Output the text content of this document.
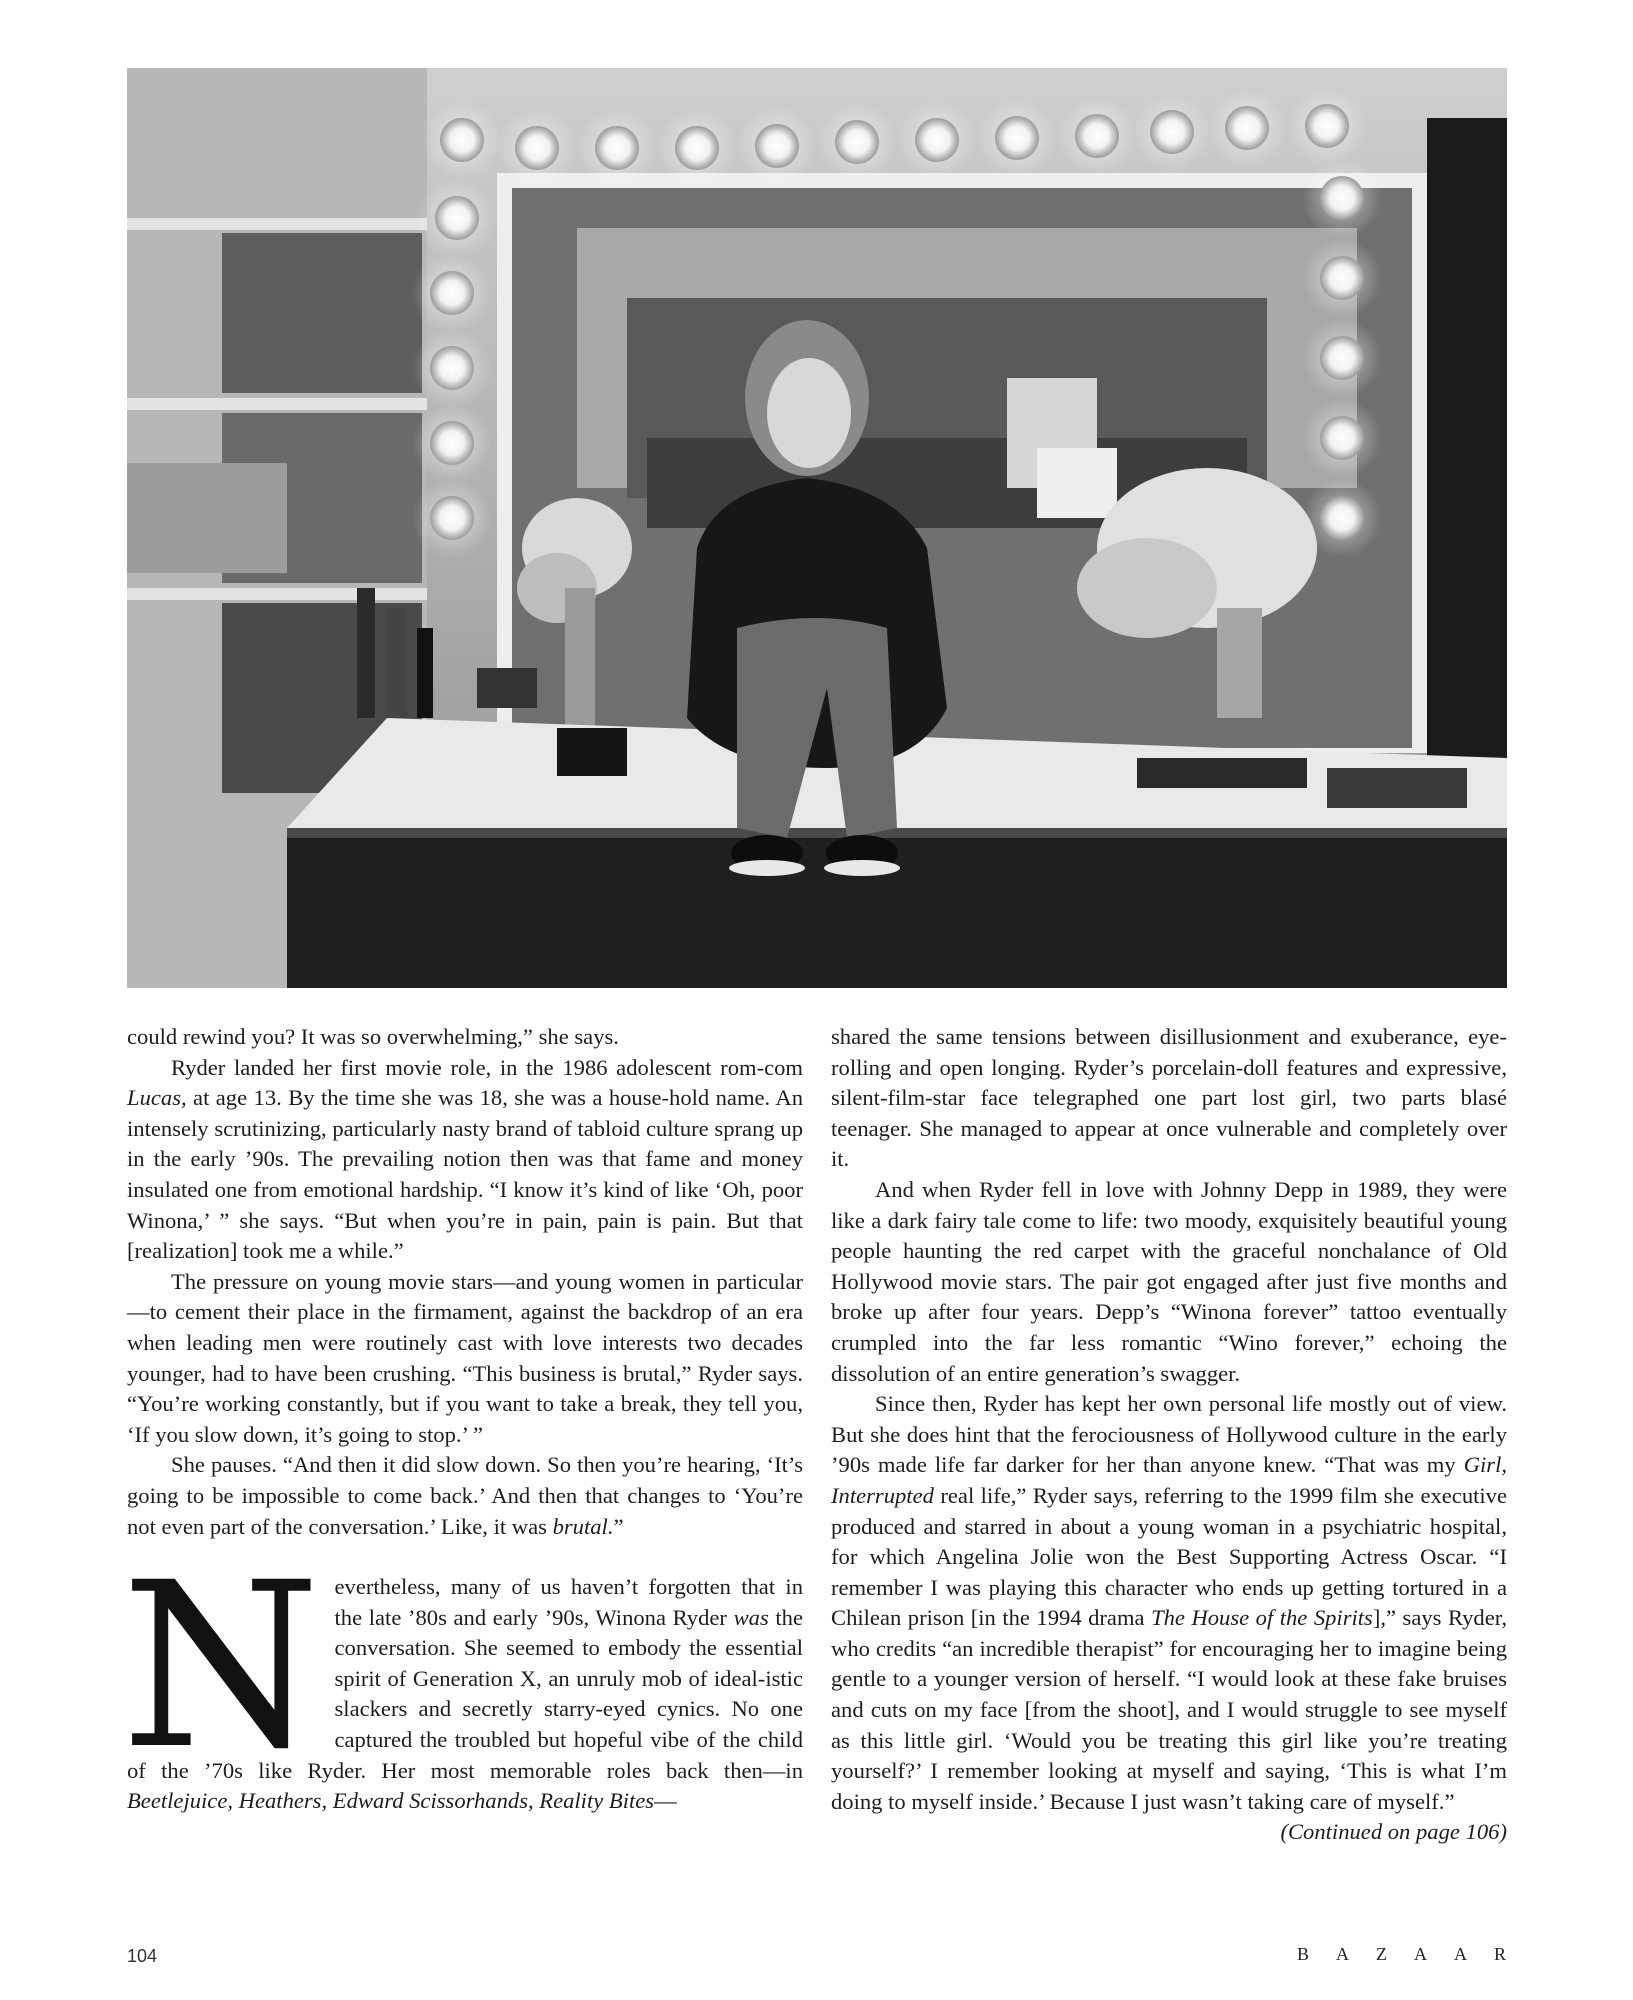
could rewind you? It was so overwhelming,” she says.

Ryder landed her first movie role, in the 1986 adolescent rom-com Lucas, at age 13. By the time she was 18, she was a house-hold name. An intensely scrutinizing, particularly nasty brand of tabloid culture sprang up in the early ’90s. The prevailing notion then was that fame and money insulated one from emotional hardship. “I know it’s kind of like ‘Oh, poor Winona,’ ” she says. “But when you’re in pain, pain is pain. But that [realization] took me a while.”

The pressure on young movie stars—and young women in particular—to cement their place in the firmament, against the backdrop of an era when leading men were routinely cast with love interests two decades younger, had to have been crushing. “This business is brutal,” Ryder says. “You’re working constantly, but if you want to take a break, they tell you, ‘If you slow down, it’s going to stop.’ ”

She pauses. “And then it did slow down. So then you’re hearing, ‘It’s going to be impossible to come back.’ And then that changes to ‘You’re not even part of the conversation.’ Like, it was brutal.”

N evertheless, many of us haven’t forgotten that in the late ’80s and early ’90s, Winona Ryder was the conversation. She seemed to embody the essential spirit of Generation X, an unruly mob of ideal-istic slackers and secretly starry-eyed cynics. No one captured the troubled but hopeful vibe of the child of the ’70s like Ryder. Her most memorable roles back then—in Beetlejuice, Heathers, Edward Scissorhands, Reality Bites—

shared the same tensions between disillusionment and exuberance, eye-rolling and open longing. Ryder’s porcelain-doll features and expressive, silent-film-star face telegraphed one part lost girl, two parts blasé teenager. She managed to appear at once vulnerable and completely over it.

And when Ryder fell in love with Johnny Depp in 1989, they were like a dark fairy tale come to life: two moody, exquisitely beautiful young people haunting the red carpet with the graceful nonchalance of Old Hollywood movie stars. The pair got engaged after just five months and broke up after four years. Depp’s “Winona forever” tattoo eventually crumpled into the far less romantic “Wino forever,” echoing the dissolution of an entire generation’s swagger.

Since then, Ryder has kept her own personal life mostly out of view. But she does hint that the ferociousness of Hollywood culture in the early ’90s made life far darker for her than anyone knew. “That was my Girl, Interrupted real life,” Ryder says, referring to the 1999 film she executive produced and starred in about a young woman in a psychiatric hospital, for which Angelina Jolie won the Best Supporting Actress Oscar. “I remember I was playing this character who ends up getting tortured in a Chilean prison [in the 1994 drama The House of the Spirits],” says Ryder, who credits “an incredible therapist” for encouraging her to imagine being gentle to a younger version of herself. “I would look at these fake bruises and cuts on my face [from the shoot], and I would struggle to see myself as this little girl. ‘Would you be treating this girl like you’re treating yourself?’ I remember looking at myself and saying, ‘This is what I’m doing to myself inside.’ Because I just wasn’t taking care of myself.”
(Continued on page 106)

104	BAZAAR
